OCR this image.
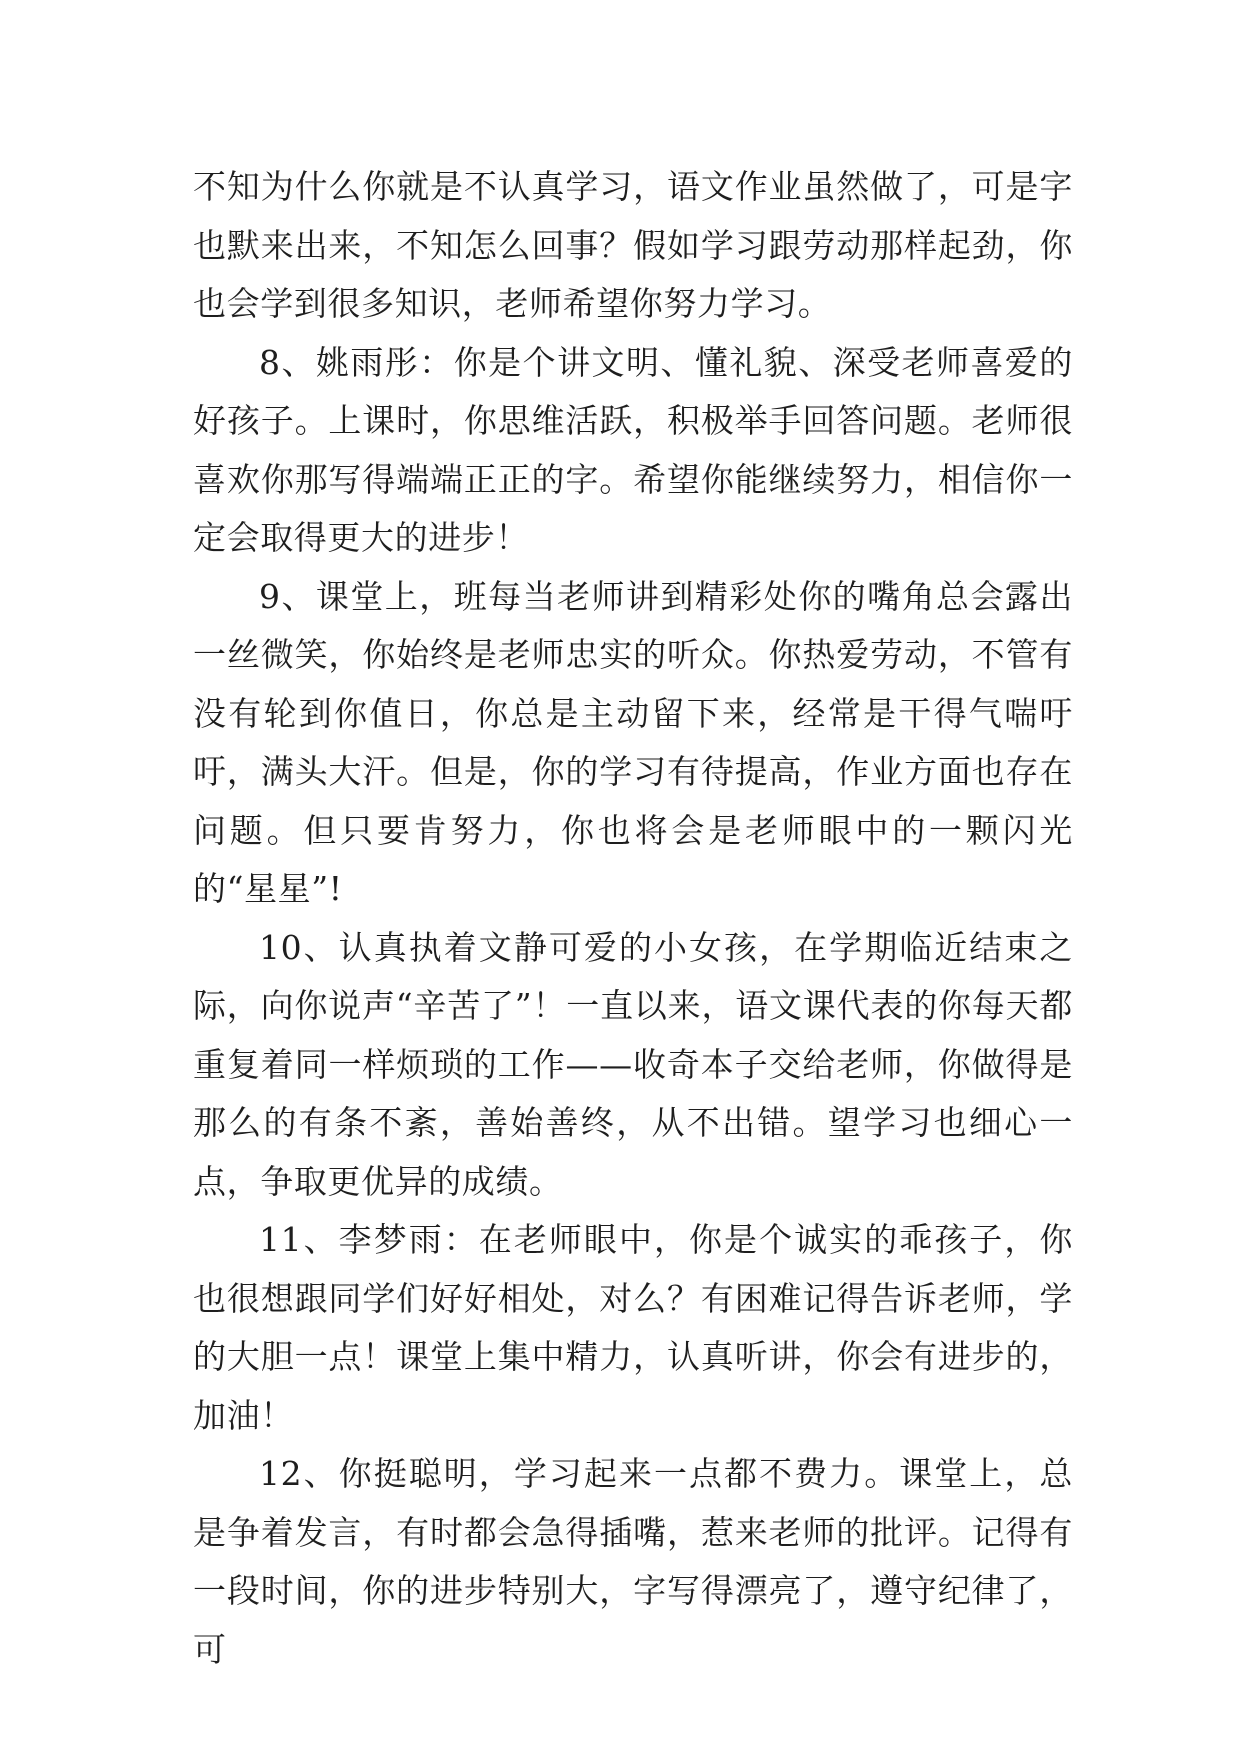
不知为什么你就是不认真学习，语文作业虽然做了，可是字也默来出来，不知怎么回事？假如学习跟劳动那样起劲，你也会学到很多知识，老师希望你努力学习。

8、姚雨彤：你是个讲文明、懂礼貌、深受老师喜爱的好孩子。上课时，你思维活跃，积极举手回答问题。老师很喜欢你那写得端端正正的字。希望你能继续努力，相信你一定会取得更大的进步！

9、课堂上，班每当老师讲到精彩处你的嘴角总会露出一丝微笑，你始终是老师忠实的听众。你热爱劳动，不管有没有轮到你值日，你总是主动留下来，经常是干得气喘吁吁，满头大汗。但是，你的学习有待提高，作业方面也存在问题。但只要肯努力，你也将会是老师眼中的一颗闪光的“星星”!

10、认真执着文静可爱的小女孩，在学期临近结束之际，向你说声“辛苦了”！一直以来，语文课代表的你每天都重复着同一样烦琐的工作——收奇本子交给老师，你做得是那么的有条不紊，善始善终，从不出错。望学习也细心一点，争取更优异的成绩。

11、李梦雨：在老师眼中，你是个诚实的乖孩子，你也很想跟同学们好好相处，对么？有困难记得告诉老师，学的大胆一点！课堂上集中精力，认真听讲，你会有进步的，加油！

12、你挺聪明，学习起来一点都不费力。课堂上，总是争着发言，有时都会急得插嘴，惹来老师的批评。记得有一段时间，你的进步特别大，字写得漂亮了，遵守纪律了，可
